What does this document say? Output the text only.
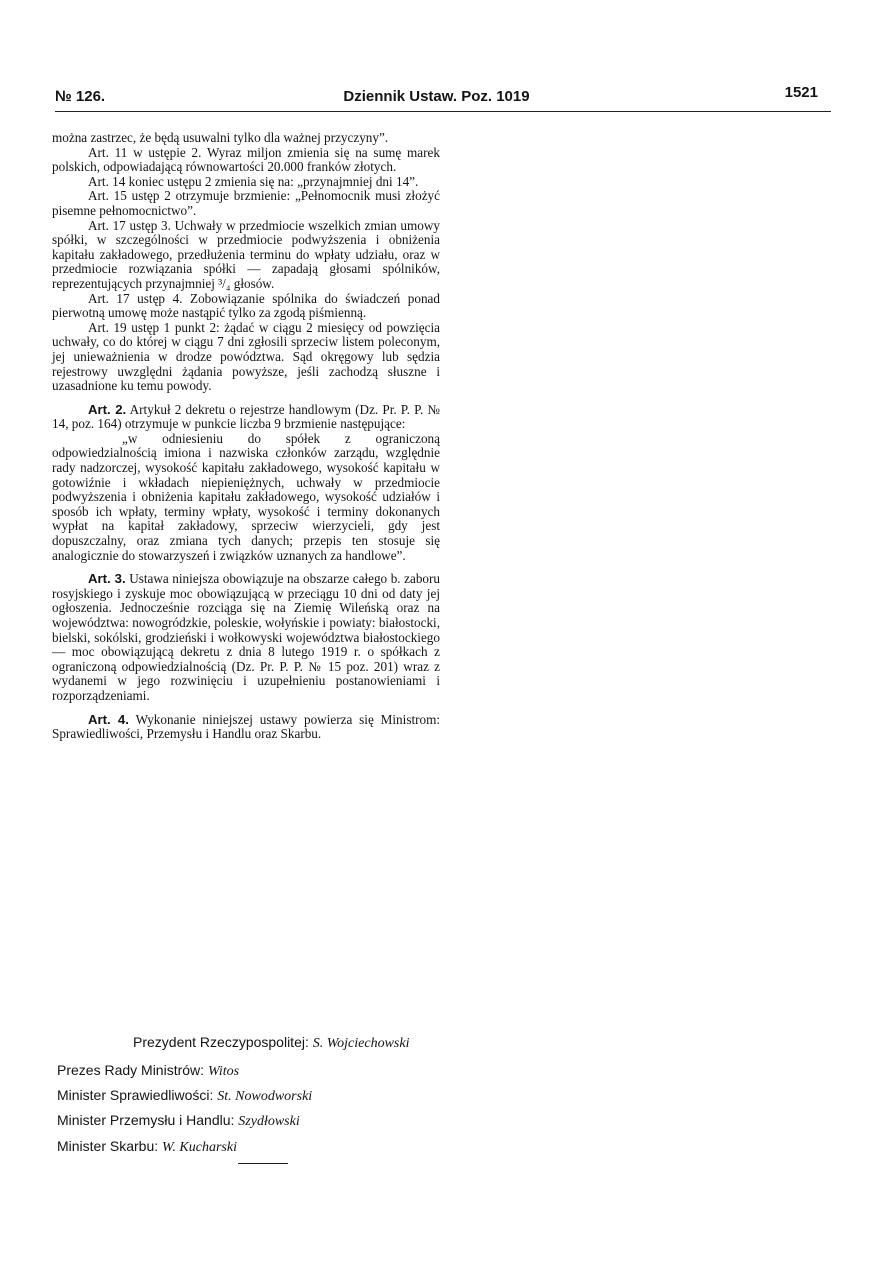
№ 126.	Dziennik Ustaw. Poz. 1019	1521

można zastrzec, że będą usuwalni tylko dla ważnej przyczyny”.

Art. 11 w ustępie 2. Wyraz miljon zmienia się na sumę marek polskich, odpowiadającą równowartości 20.000 franków złotych.

Art. 14 koniec ustępu 2 zmienia się na: „przynajmniej dni 14”.

Art. 15 ustęp 2 otrzymuje brzmienie: „Pełnomocnik musi złożyć pisemne pełnomocnictwo”.

Art. 17 ustęp 3. Uchwały w przedmiocie wszelkich zmian umowy spółki, w szczególności w przedmiocie podwyższenia i obniżenia kapitału zakładowego, przedłużenia terminu do wpłaty udziału, oraz w przedmiocie rozwiązania spółki — zapadają głosami spólników, reprezentujących przynajmniej ³/₄ głosów.

Art. 17 ustęp 4. Zobowiązanie spólnika do świadczeń ponad pierwotną umowę może nastąpić tylko za zgodą piśmienną.

Art. 19 ustęp 1 punkt 2: żądać w ciągu 2 miesięcy od powzięcia uchwały, co do której w ciągu 7 dni zgłosili sprzeciw listem poleconym, jej unieważnienia w drodze powództwa. Sąd okręgowy lub sędzia rejestrowy uwzględni żądania powyższe, jeśli zachodzą słuszne i uzasadnione ku temu powody.

Art. 2. Artykuł 2 dekretu o rejestrze handlowym (Dz. Pr. P. P. № 14, poz. 164) otrzymuje w punkcie liczba 9 brzmienie następujące:

„w odniesieniu do spółek z ograniczoną odpowiedzialnością imiona i nazwiska członków zarządu, względnie rady nadzorczej, wysokość kapitału zakładowego, wysokość kapitału w gotowiźnie i wkładach niepieniężnych, uchwały w przedmiocie podwyższenia i obniżenia kapitału zakładowego, wysokość udziałów i sposób ich wpłaty, terminy wpłaty, wysokość i terminy dokonanych wypłat na kapitał zakładowy, sprzeciw wierzycieli, gdy jest dopuszczalny, oraz zmiana tych danych; przepis ten stosuje się analogicznie do stowarzyszeń i związków uznanych za handlowe”.

Art. 3. Ustawa niniejsza obowiązuje na obszarze całego b. zaboru rosyjskiego i zyskuje moc obowiązującą w przeciągu 10 dni od daty jej ogłoszenia. Jednocześnie rozciąga się na Ziemię Wileńską oraz na województwa: nowogródzkie, poleskie, wołyńskie i powiaty: białostocki, bielski, sokólski, grodzieński i wołkowyski województwa białostockiego — moc obowiązującą dekretu z dnia 8 lutego 1919 r. o spółkach z ograniczoną odpowiedzialnością (Dz. Pr. P. P. № 15 poz. 201) wraz z wydanemi w jego rozwinięciu i uzupełnieniu postanowieniami i rozporządzeniami.

Art. 4. Wykonanie niniejszej ustawy powierza się Ministrom: Sprawiedliwości, Przemysłu i Handlu oraz Skarbu.

Prezydent Rzeczypospolitej: S. Wojciechowski
Prezes Rady Ministrów: Witos
Minister Sprawiedliwości: St. Nowodworski
Minister Przemysłu i Handlu: Szydłowski
Minister Skarbu: W. Kucharski
